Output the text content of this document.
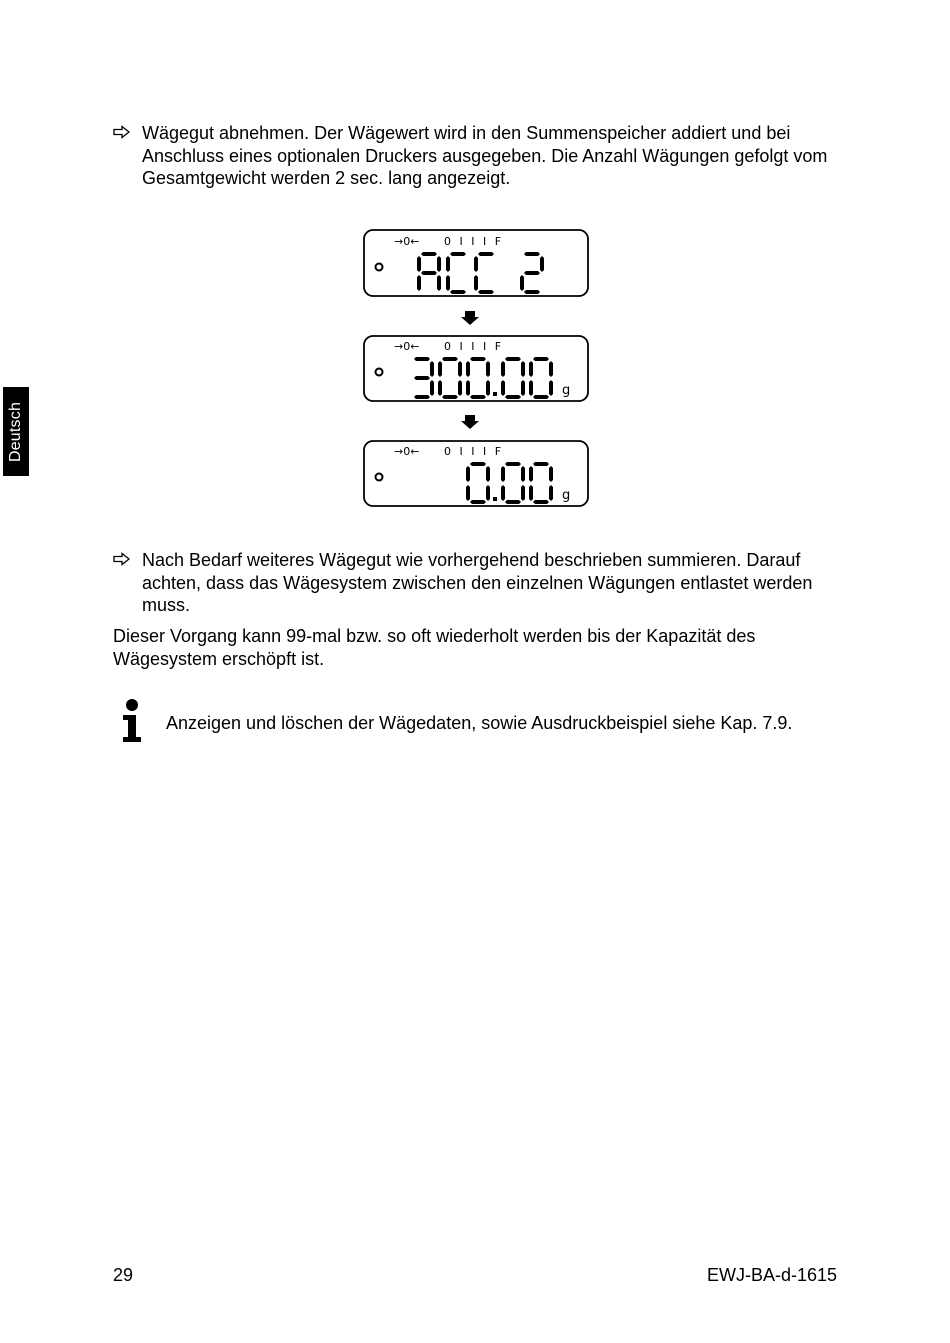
Deutsch
Wägegut abnehmen. Der Wägewert wird in den Summenspeicher addiert und bei Anschluss eines optionalen Druckers ausgegeben. Die Anzahl Wägungen gefolgt vom Gesamtgewicht werden 2 sec. lang angezeigt.
→0← 0 I I I F
→0← 0 I I I F
g
→0← 0 I I I F
g
Nach Bedarf weiteres Wägegut wie vorhergehend beschrieben summieren. Darauf achten, dass das Wägesystem zwischen den einzelnen Wägungen entlastet werden muss.
Dieser Vorgang kann 99-mal bzw. so oft wiederholt werden bis der Kapazität des Wägesystem erschöpft ist.
Anzeigen und löschen der Wägedaten, sowie Ausdruckbeispiel siehe Kap. 7.9.
29	EWJ-BA-d-1615
